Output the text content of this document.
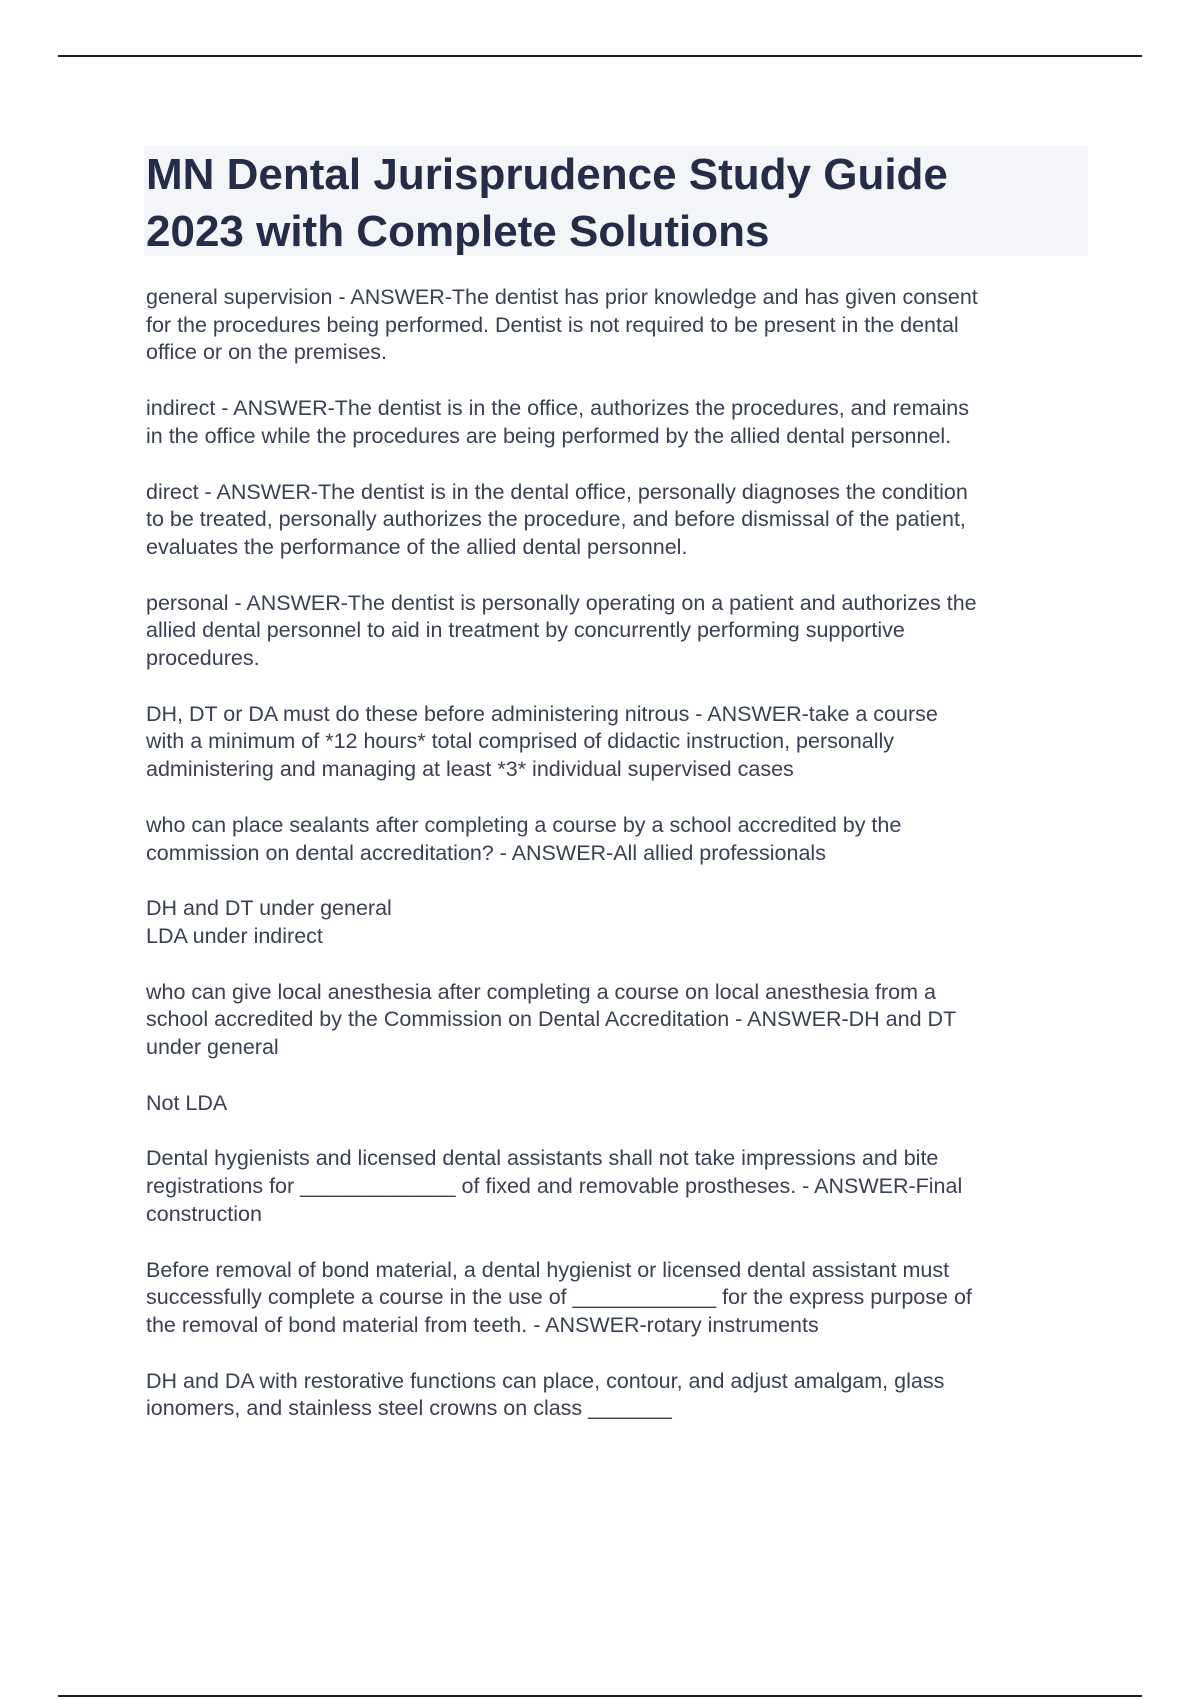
MN Dental Jurisprudence Study Guide
2023 with Complete Solutions

general supervision - ANSWER-The dentist has prior knowledge and has given consent
for the procedures being performed. Dentist is not required to be present in the dental
office or on the premises.

indirect - ANSWER-The dentist is in the office, authorizes the procedures, and remains
in the office while the procedures are being performed by the allied dental personnel.

direct - ANSWER-The dentist is in the dental office, personally diagnoses the condition
to be treated, personally authorizes the procedure, and before dismissal of the patient,
evaluates the performance of the allied dental personnel.

personal - ANSWER-The dentist is personally operating on a patient and authorizes the
allied dental personnel to aid in treatment by concurrently performing supportive
procedures.

DH, DT or DA must do these before administering nitrous - ANSWER-take a course
with a minimum of *12 hours* total comprised of didactic instruction, personally
administering and managing at least *3* individual supervised cases

who can place sealants after completing a course by a school accredited by the
commission on dental accreditation? - ANSWER-All allied professionals

DH and DT under general
LDA under indirect

who can give local anesthesia after completing a course on local anesthesia from a
school accredited by the Commission on Dental Accreditation - ANSWER-DH and DT
under general

Not LDA

Dental hygienists and licensed dental assistants shall not take impressions and bite
registrations for _____________ of fixed and removable prostheses. - ANSWER-Final
construction

Before removal of bond material, a dental hygienist or licensed dental assistant must
successfully complete a course in the use of ____________ for the express purpose of
the removal of bond material from teeth. - ANSWER-rotary instruments

DH and DA with restorative functions can place, contour, and adjust amalgam, glass
ionomers, and stainless steel crowns on class _______
